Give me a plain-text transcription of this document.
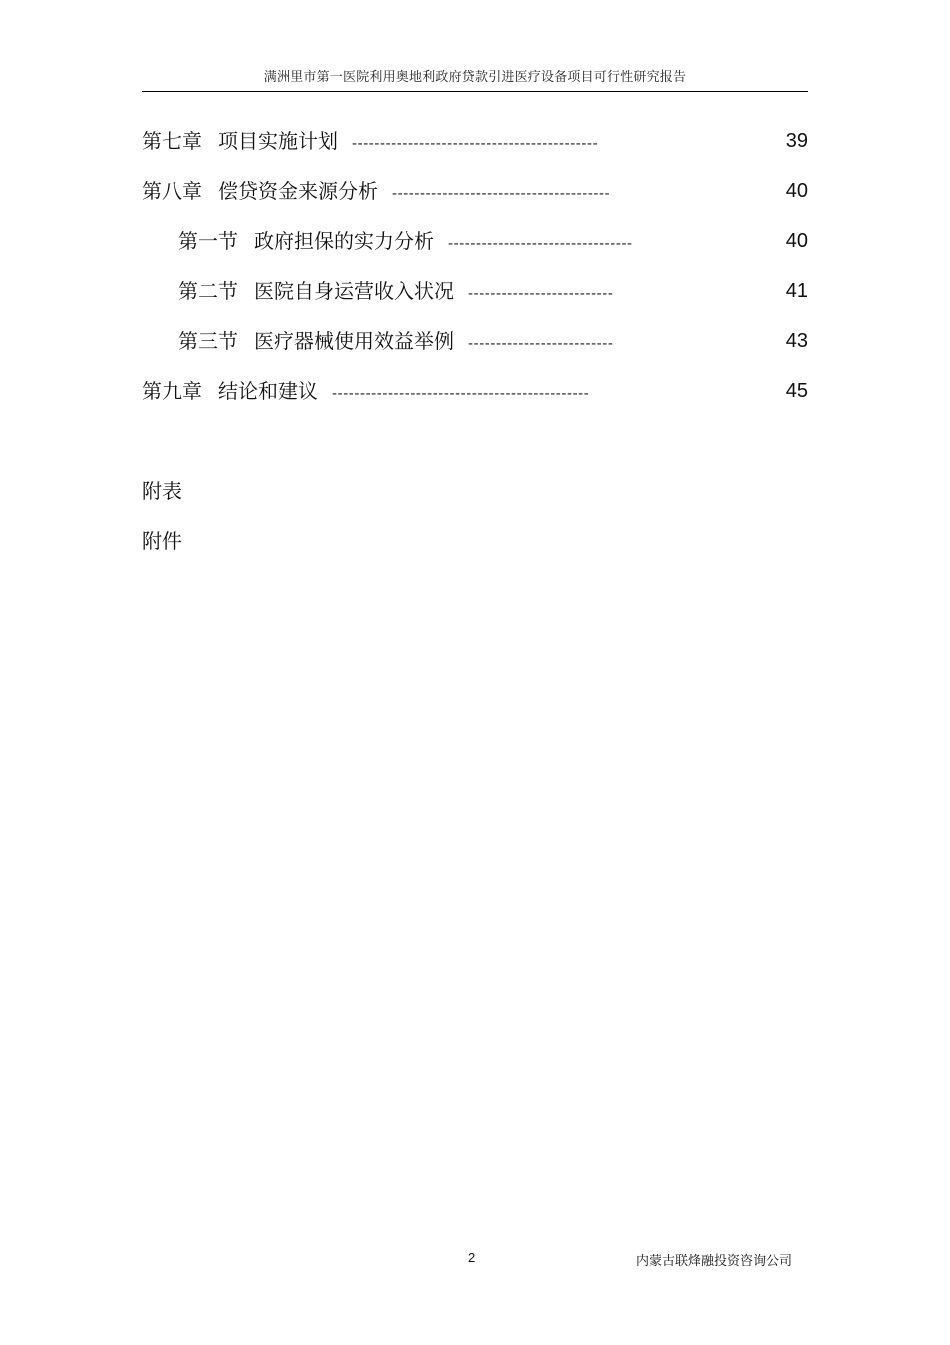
满洲里市第一医院利用奥地利政府贷款引进医疗设备项目可行性研究报告
第七章 项目实施计划 --------------------------------------------	39
第八章 偿贷资金来源分析 ---------------------------------------	40
第一节 政府担保的实力分析 ---------------------------------	40
第二节 医院自身运营收入状况 --------------------------	41
第三节 医疗器械使用效益举例 --------------------------	43
第九章 结论和建议 ----------------------------------------------	45
附表
附件
2	内蒙古联烽融投资咨询公司
